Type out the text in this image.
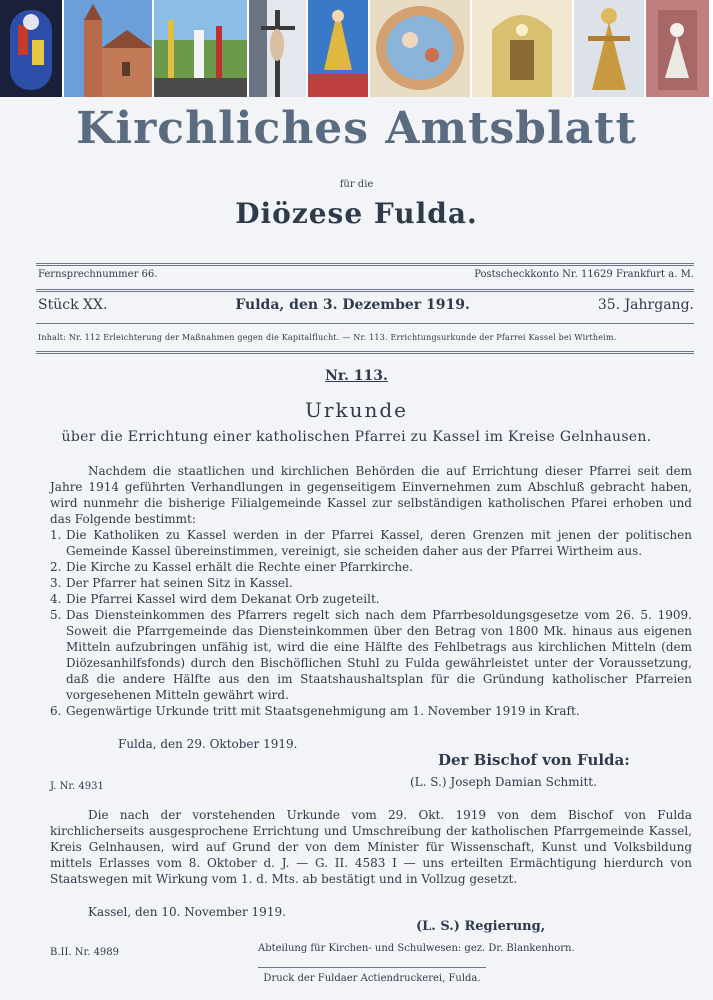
Kirchliches Amtsblatt
für die
Diözese Fulda.
Fernsprechnummer 66.	Postscheckkonto Nr. 11629 Frankfurt a. M.
Stück XX.	Fulda, den 3. Dezember 1919.	35. Jahrgang.
Inhalt: Nr. 112 Erleichterung der Maßnahmen gegen die Kapitalflucht. — Nr. 113. Errichtungsurkunde der Pfarrei Kassel bei Wirtheim.
Nr. 113.
Urkunde
über die Errichtung einer katholischen Pfarrei zu Kassel im Kreise Gelnhausen.

Nachdem die staatlichen und kirchlichen Behörden die auf Errichtung dieser Pfarrei seit dem Jahre 1914 geführten Verhandlungen in gegenseitigem Einvernehmen zum Abschluß gebracht haben, wird nunmehr die bisherige Filialgemeinde Kassel zur selbständigen katholischen Pfarei erhoben und das Folgende bestimmt:

1. Die Katholiken zu Kassel werden in der Pfarrei Kassel, deren Grenzen mit jenen der politischen Gemeinde Kassel übereinstimmen, vereinigt, sie scheiden daher aus der Pfarrei Wirtheim aus.
2. Die Kirche zu Kassel erhält die Rechte einer Pfarrkirche.
3. Der Pfarrer hat seinen Sitz in Kassel.
4. Die Pfarrei Kassel wird dem Dekanat Orb zugeteilt.
5. Das Diensteinkommen des Pfarrers regelt sich nach dem Pfarrbesoldungsgesetze vom 26. 5. 1909. Soweit die Pfarrgemeinde das Diensteinkommen über den Betrag von 1800 Mk. hinaus aus eigenen Mitteln aufzubringen unfähig ist, wird die eine Hälfte des Fehlbetrags aus kirchlichen Mitteln (dem Diözesanhilfsfonds) durch den Bischöflichen Stuhl zu Fulda gewährleistet unter der Voraussetzung, daß die andere Hälfte aus den im Staatshaushaltsplan für die Gründung katholischer Pfarreien vorgesehenen Mitteln gewährt wird.
6. Gegenwärtige Urkunde tritt mit Staatsgenehmigung am 1. November 1919 in Kraft.
Fulda, den 29. Oktober 1919.
Der Bischof von Fulda:
J. Nr. 4931	(L. S.) Joseph Damian Schmitt.

Die nach der vorstehenden Urkunde vom 29. Okt. 1919 von dem Bischof von Fulda kirchlicherseits ausgesprochene Errichtung und Umschreibung der katholischen Pfarrgemeinde Kassel, Kreis Gelnhausen, wird auf Grund der von dem Minister für Wissenschaft, Kunst und Volksbildung mittels Erlasses vom 8. Oktober d. J. — G. II. 4583 I — uns erteilten Ermächtigung hierdurch von Staatswegen mit Wirkung vom 1. d. Mts. ab bestätigt und in Vollzug gesetzt.

Kassel, den 10. November 1919.
(L. S.) Regierung,
B.II. Nr. 4989	Abteilung für Kirchen- und Schulwesen: gez. Dr. Blankenhorn.
Druck der Fuldaer Actiendruckerei, Fulda.
